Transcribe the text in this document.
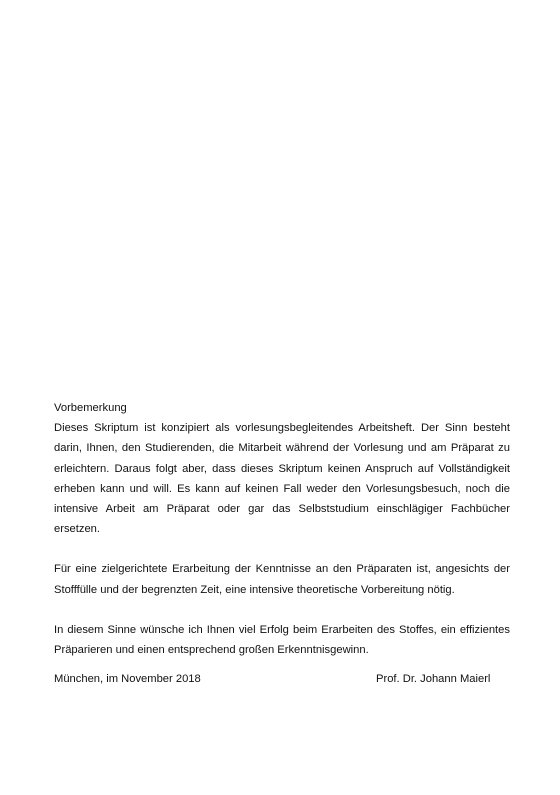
Vorbemerkung

Dieses Skriptum ist konzipiert als vorlesungsbegleitendes Arbeitsheft. Der Sinn besteht darin, Ihnen, den Studierenden, die Mitarbeit während der Vorlesung und am Präparat zu erleichtern. Daraus folgt aber, dass dieses Skriptum keinen Anspruch auf Vollständigkeit erheben kann und will. Es kann auf keinen Fall weder den Vorlesungsbesuch, noch die intensive Arbeit am Präparat oder gar das Selbststudium einschlägiger Fachbücher ersetzen.

Für eine zielgerichtete Erarbeitung der Kenntnisse an den Präparaten ist, angesichts der Stofffülle und der begrenzten Zeit, eine intensive theoretische Vorbereitung nötig.

In diesem Sinne wünsche ich Ihnen viel Erfolg beim Erarbeiten des Stoffes, ein effizientes Präparieren und einen entsprechend großen Erkenntnisgewinn.

München, im November 2018	Prof. Dr. Johann Maierl
